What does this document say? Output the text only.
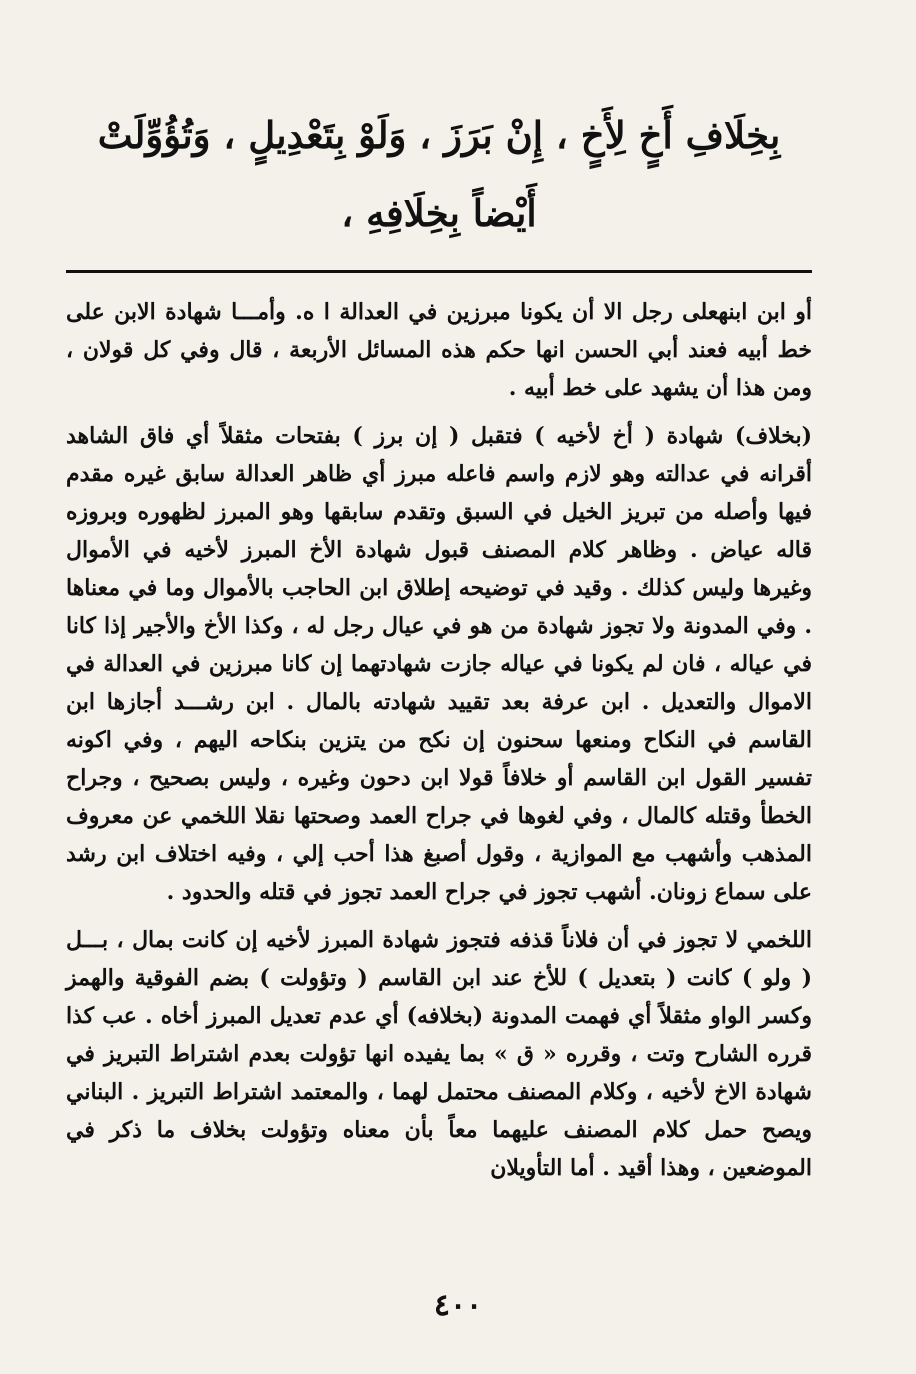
بِخِلَافِ أَخٍ لِأَخٍ ، إِنْ بَرَزَ ، وَلَوْ بِتَعْدِيلٍ ، وَتُؤُوِّلَتْ
أَيْضاً بِخِلَافِهِ ،

أو ابن ابنهعلى رجل الا أن يكونا مبرزين في العدالة ا ه. وأمـــا شهادة الابن على خط أبيه فعند أبي الحسن انها حكم هذه المسائل الأربعة ، قال وفي كل قولان ، ومن هذا أن يشهد على خط أبيه .

(بخلاف) شهادة ( أخ لأخيه ) فتقبل ( إن برز ) بفتحات مثقلاً أي فاق الشاهد أقرانه في عدالته وهو لازم واسم فاعله مبرز أي ظاهر العدالة سابق غيره مقدم فيها وأصله من تبريز الخيل في السبق وتقدم سابقها وهو المبرز لظهوره وبروزه قاله عياض . وظاهر كلام المصنف قبول شهادة الأخ المبرز لأخيه في الأموال وغيرها وليس كذلك . وقيد في توضيحه إطلاق ابن الحاجب بالأموال وما في معناها . وفي المدونة ولا تجوز شهادة من هو في عيال رجل له ، وكذا الأخ والأجير إذا كانا في عياله ، فان لم يكونا في عياله جازت شهادتهما إن كانا مبرزين في العدالة في الاموال والتعديل . ابن عرفة بعد تقييد شهادته بالمال . ابن رشـــد أجازها ابن القاسم في النكاح ومنعها سحنون إن نكح من يتزين بنكاحه اليهم ، وفي اكونه تفسير القول ابن القاسم أو خلافاً قولا ابن دحون وغيره ، وليس بصحيح ، وجراح الخطأ وقتله كالمال ، وفي لغوها في جراح العمد وصحتها نقلا اللخمي عن معروف المذهب وأشهب مع الموازية ، وقول أصبغ هذا أحب إلي ، وفيه اختلاف ابن رشد على سماع زونان. أشهب تجوز في جراح العمد تجوز في قتله والحدود .

اللخمي لا تجوز في أن فلاناً قذفه فتجوز شهادة المبرز لأخيه إن كانت بمال ، بـــل ( ولو ) كانت ( بتعديل ) للأخ عند ابن القاسم ( وتؤولت ) بضم الفوقية والهمز وكسر الواو مثقلاً أي فهمت المدونة (بخلافه) أي عدم تعديل المبرز أخاه . عب كذا قرره الشارح وتت ، وقرره « ق » بما يفيده انها تؤولت بعدم اشتراط التبريز في شهادة الاخ لأخيه ، وكلام المصنف محتمل لهما ، والمعتمد اشتراط التبريز . البناني ويصح حمل كلام المصنف عليهما معاً بأن معناه وتؤولت بخلاف ما ذكر في الموضعين ، وهذا أقيد . أما التأويلان

٤٠٠
